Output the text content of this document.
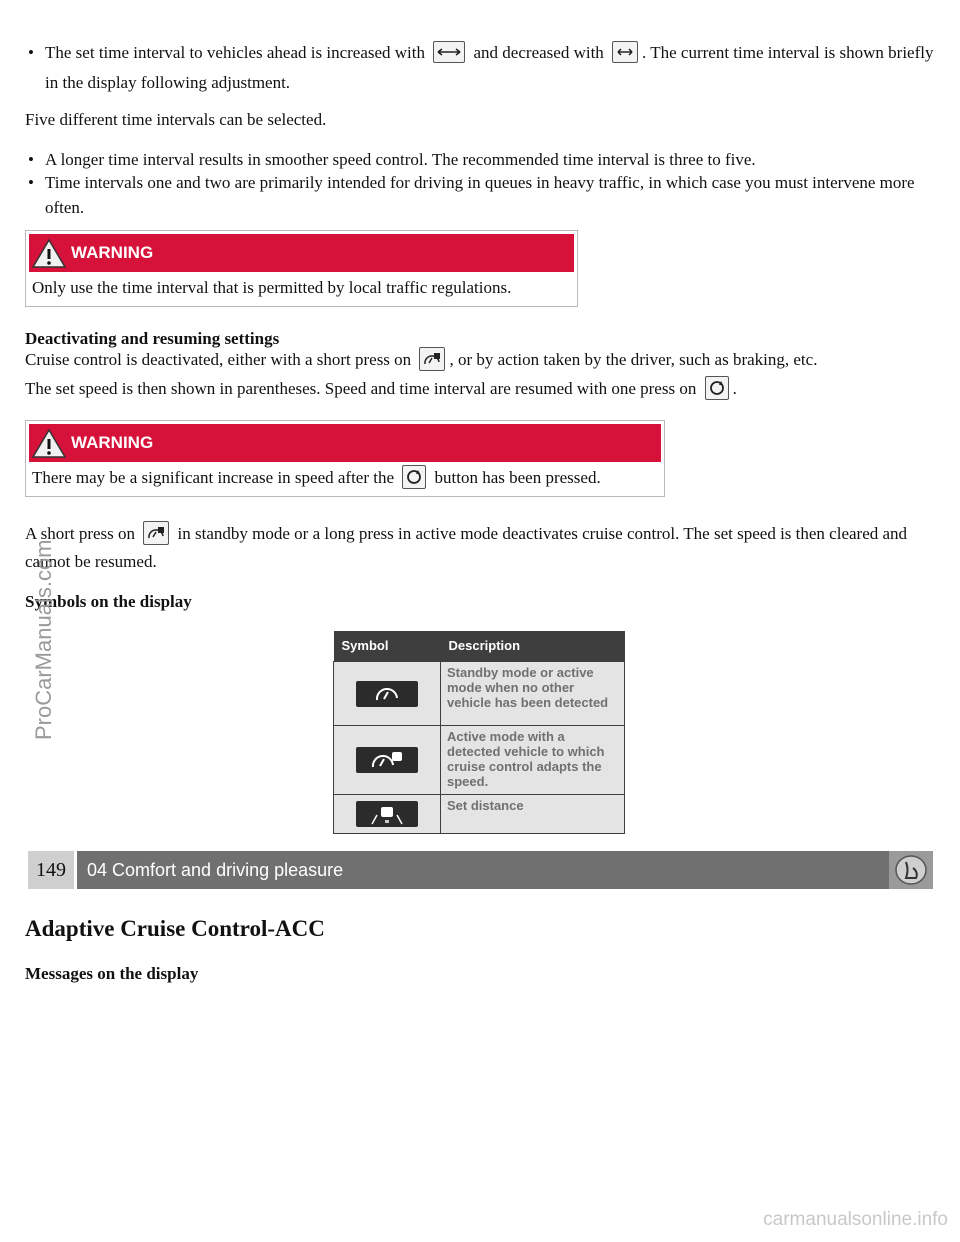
• The set time interval to vehicles ahead is increased with	and decreased with . The current time interval is shown briefly in the display following adjustment.

Five different time intervals can be selected.

• A longer time interval results in smoother speed control. The recommended time interval is three to five.

• Time intervals one and two are primarily intended for driving in queues in heavy traffic, in which case you must intervene more often.

WARNING
Only use the time interval that is permitted by local traffic regulations.
Deactivating and resuming settings

Cruise control is deactivated, either with a short press on , or by action taken by the driver, such as braking, etc.

The set speed is then shown in parentheses. Speed and time interval are resumed with one press on .

WARNING
There may be a significant increase in speed after the button has been pressed.

A short press on	in standby mode or a long press in active mode deactivates cruise control. The set speed is then cleared and cannot be resumed.

Symbols on the display
Symbol	Description

	Standby mode or active mode when no other vehicle has been detected

	Active mode with a detected vehicle to which cruise control adapts the speed.

	Set distance
149	04 Comfort and driving pleasure
Adaptive Cruise Control-ACC
Messages on the display
ProCarManuals.com
carmanualsonline.info
